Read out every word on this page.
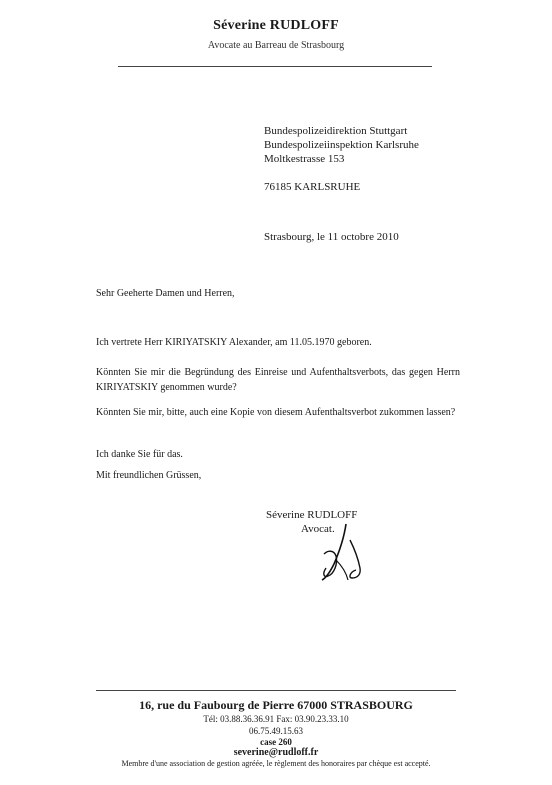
Séverine RUDLOFF
Avocate au Barreau de Strasbourg
Bundespolizeidirektion Stuttgart
Bundespolizeiinspektion Karlsruhe
Moltkestrasse 153
76185 KARLSRUHE
Strasbourg, le 11 octobre 2010
Sehr Geeherte Damen und Herren,
Ich vertrete Herr KIRIYATSKIY Alexander, am 11.05.1970 geboren.
Könnten Sie mir die Begründung des Einreise und Aufenthaltsverbots, das gegen Herrn KIRIYATSKIY genommen wurde?
Könnten Sie mir, bitte, auch eine Kopie von diesem Aufenthaltsverbot zukommen lassen?
Ich danke Sie für das.
Mit freundlichen Grüssen,
Séverine RUDLOFF
Avocat.
16, rue du Faubourg de Pierre 67000 STRASBOURG
Tél: 03.88.36.36.91 Fax: 03.90.23.33.10
06.75.49.15.63
case 260
severine@rudloff.fr
Membre d'une association de gestion agréée, le règlement des honoraires par chèque est accepté.
